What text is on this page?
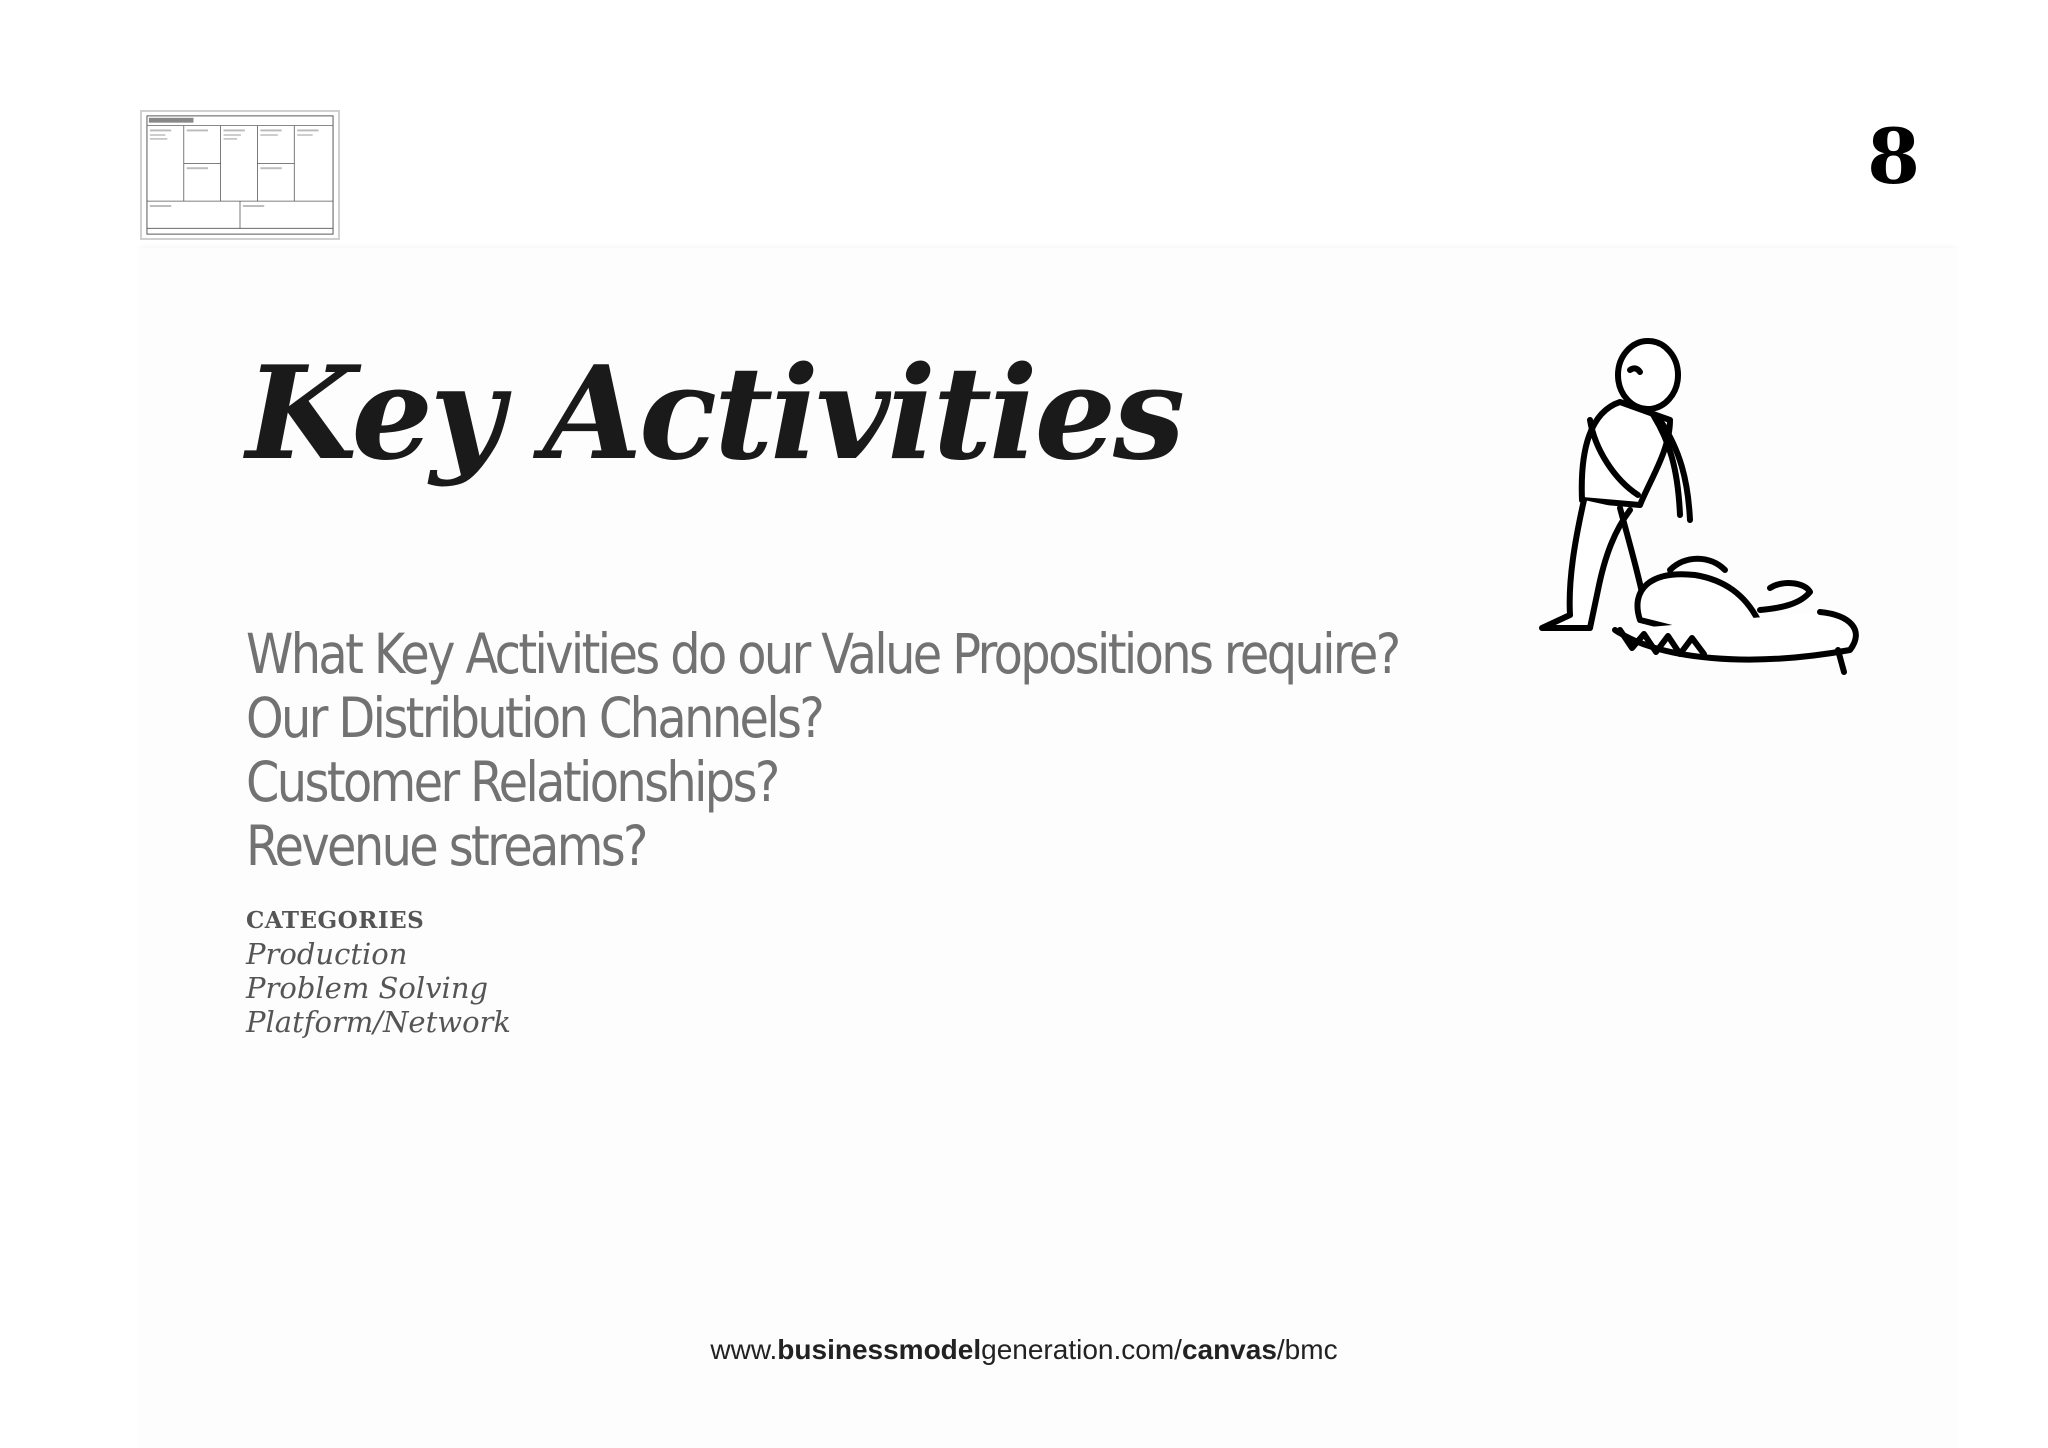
8
Key Activities
What Key Activities do our Value Propositions require?
Our Distribution Channels?
Customer Relationships?
Revenue streams?
CATEGORIES
Production
Problem Solving
Platform/Network
www.businessmodelgeneration.com/canvas/bmc
